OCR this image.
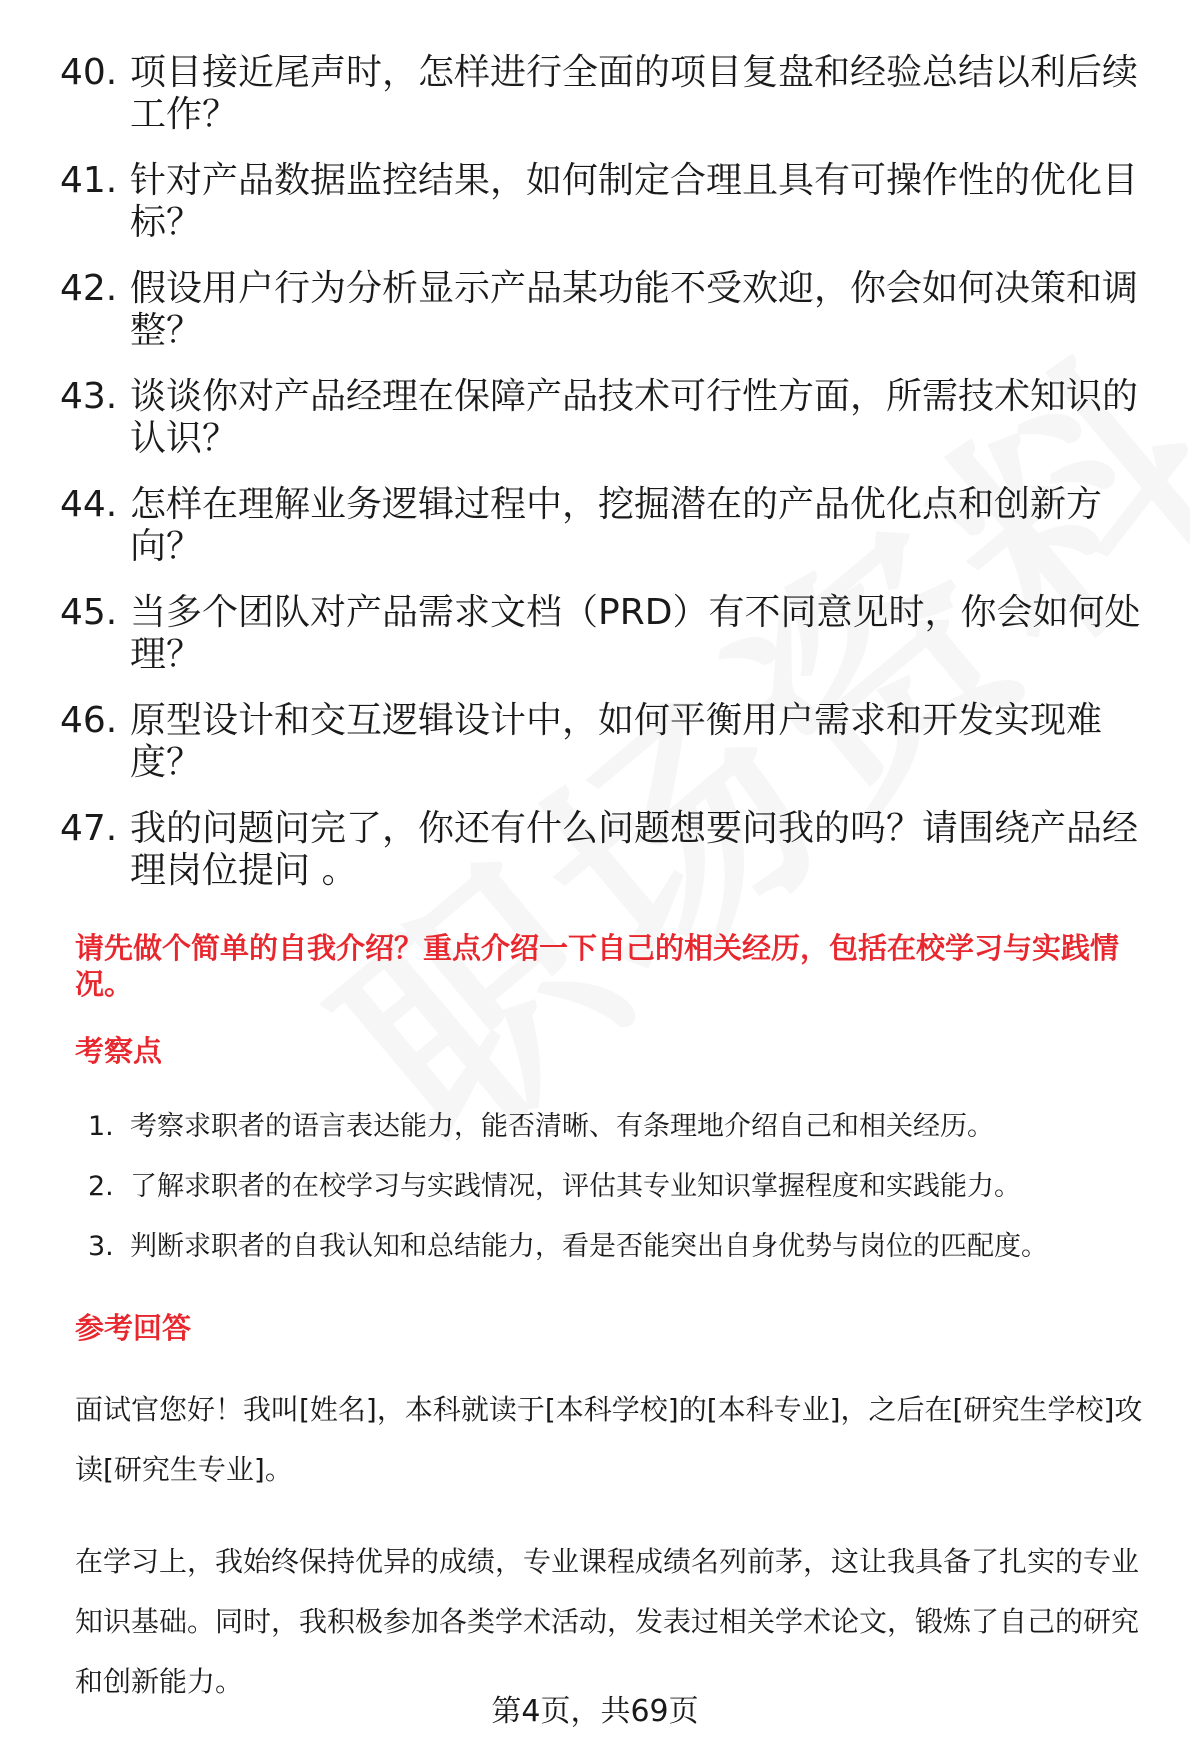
40. 项目接近尾声时，怎样进行全面的项目复盘和经验总结以利后续工作？
41. 针对产品数据监控结果，如何制定合理且具有可操作性的优化目标？
42. 假设用户行为分析显示产品某功能不受欢迎，你会如何决策和调整？
43. 谈谈你对产品经理在保障产品技术可行性方面，所需技术知识的认识？
44. 怎样在理解业务逻辑过程中，挖掘潜在的产品优化点和创新方向？
45. 当多个团队对产品需求文档（PRD）有不同意见时，你会如何处理？
46. 原型设计和交互逻辑设计中，如何平衡用户需求和开发实现难度？
47. 我的问题问完了，你还有什么问题想要问我的吗？请围绕产品经理岗位提问 。
请先做个简单的自我介绍？重点介绍一下自己的相关经历，包括在校学习与实践情况。
考察点
1. 考察求职者的语言表达能力，能否清晰、有条理地介绍自己和相关经历。
2. 了解求职者的在校学习与实践情况，评估其专业知识掌握程度和实践能力。
3. 判断求职者的自我认知和总结能力，看是否能突出自身优势与岗位的匹配度。
参考回答

面试官您好！我叫[姓名]，本科就读于[本科学校]的[本科专业]，之后在[研究生学校]攻读[研究生专业]。

在学习上，我始终保持优异的成绩，专业课程成绩名列前茅，这让我具备了扎实的专业知识基础。同时，我积极参加各类学术活动，发表过相关学术论文，锻炼了自己的研究和创新能力。

第4页，共69页
